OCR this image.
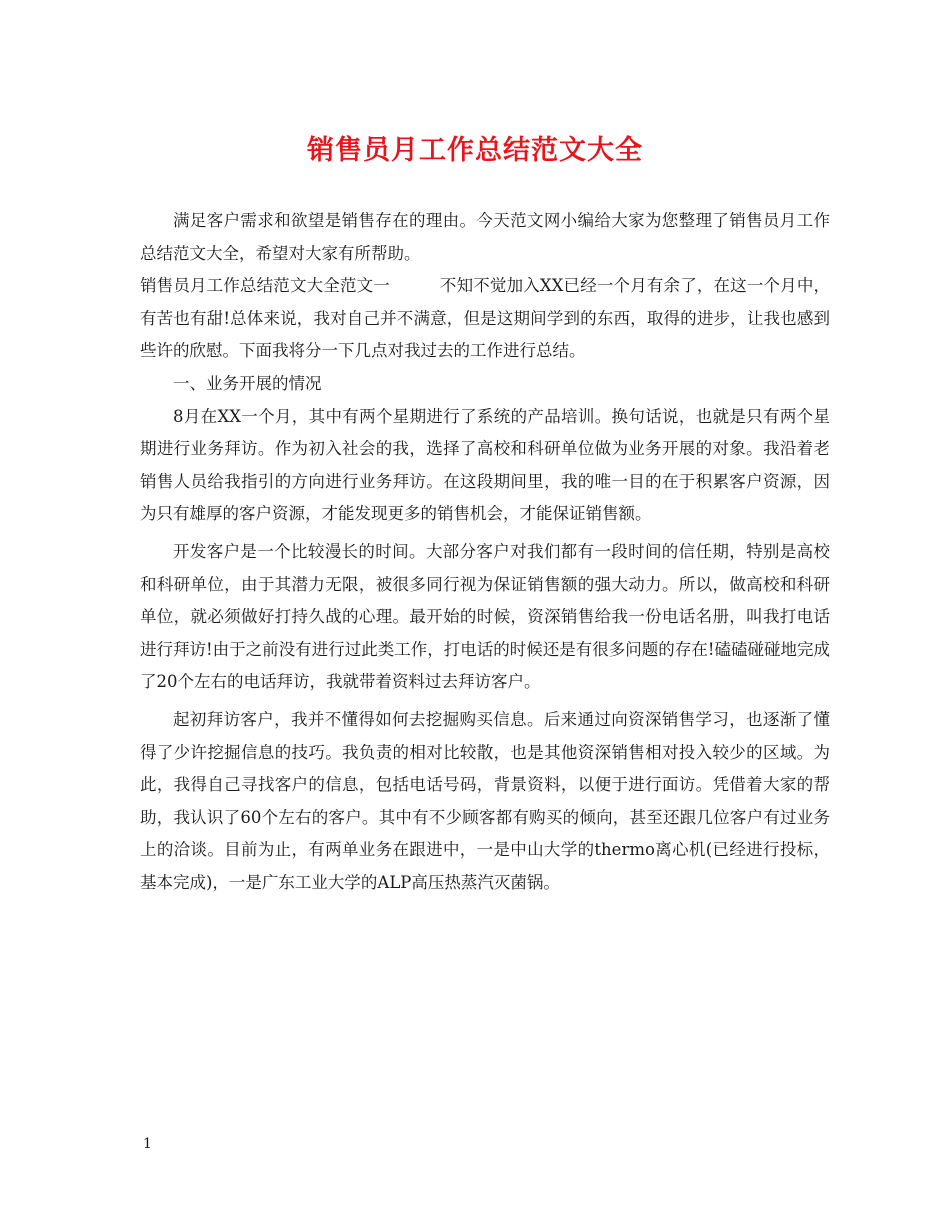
销售员月工作总结范文大全

满足客户需求和欲望是销售存在的理由。今天范文网小编给大家为您整理了销售员月工作总结范文大全，希望对大家有所帮助。

销售员月工作总结范文大全范文一　　　不知不觉加入XX已经一个月有余了，在这一个月中，有苦也有甜!总体来说，我对自己并不满意，但是这期间学到的东西，取得的进步，让我也感到些许的欣慰。下面我将分一下几点对我过去的工作进行总结。

一、业务开展的情况

8月在XX一个月，其中有两个星期进行了系统的产品培训。换句话说，也就是只有两个星期进行业务拜访。作为初入社会的我，选择了高校和科研单位做为业务开展的对象。我沿着老销售人员给我指引的方向进行业务拜访。在这段期间里，我的唯一目的在于积累客户资源，因为只有雄厚的客户资源，才能发现更多的销售机会，才能保证销售额。

开发客户是一个比较漫长的时间。大部分客户对我们都有一段时间的信任期，特别是高校和科研单位，由于其潜力无限，被很多同行视为保证销售额的强大动力。所以，做高校和科研单位，就必须做好打持久战的心理。最开始的时候，资深销售给我一份电话名册，叫我打电话进行拜访!由于之前没有进行过此类工作，打电话的时候还是有很多问题的存在!磕磕碰碰地完成了20个左右的电话拜访，我就带着资料过去拜访客户。

起初拜访客户，我并不懂得如何去挖掘购买信息。后来通过向资深销售学习，也逐渐了懂得了少许挖掘信息的技巧。我负责的相对比较散，也是其他资深销售相对投入较少的区域。为此，我得自己寻找客户的信息，包括电话号码，背景资料，以便于进行面访。凭借着大家的帮助，我认识了60个左右的客户。其中有不少顾客都有购买的倾向，甚至还跟几位客户有过业务上的洽谈。目前为止，有两单业务在跟进中，一是中山大学的thermo离心机(已经进行投标，基本完成)，一是广东工业大学的ALP高压热蒸汽灭菌锅。

1
